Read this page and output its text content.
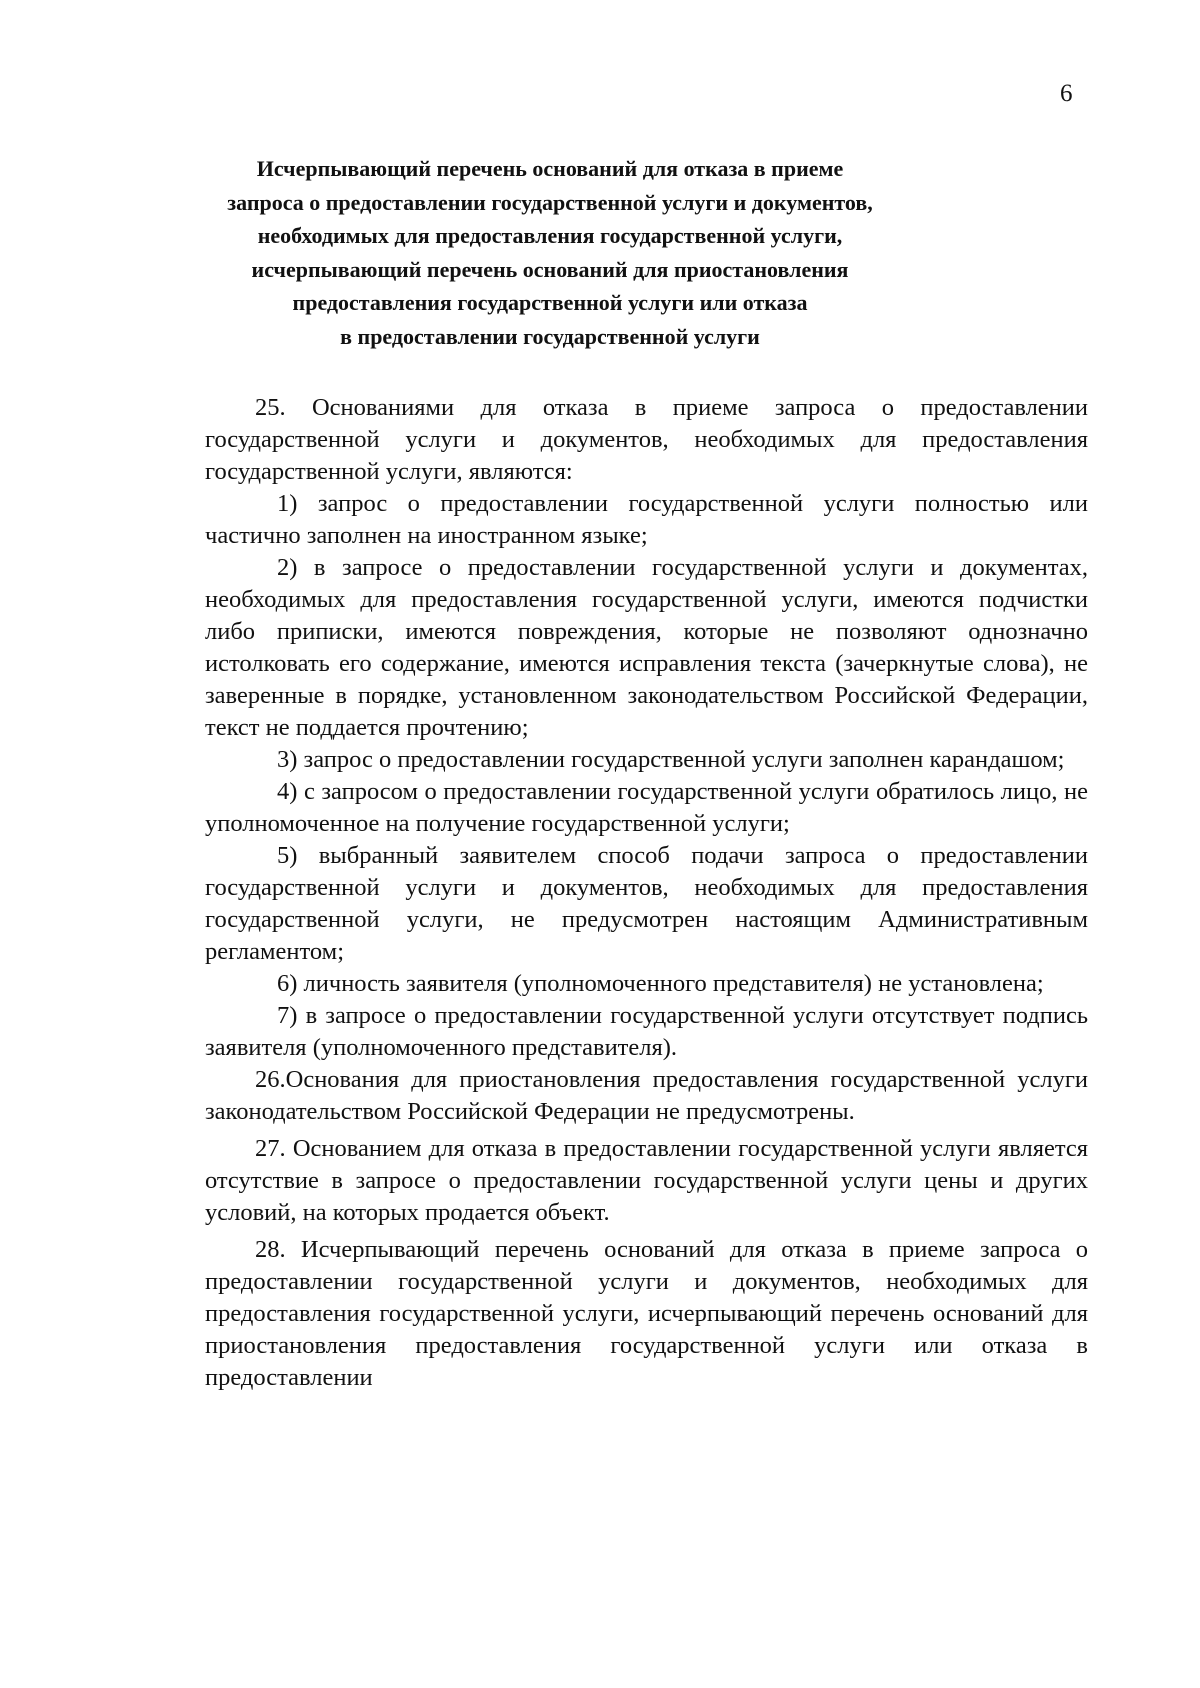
6
Исчерпывающий перечень оснований для отказа в приеме
запроса о предоставлении государственной услуги и документов,
необходимых для предоставления государственной услуги,
исчерпывающий перечень оснований для приостановления
предоставления государственной услуги или отказа
в предоставлении государственной услуги

25. Основаниями для отказа в приеме запроса о предоставлении государственной услуги и документов, необходимых для предоставления государственной услуги, являются:

1) запрос о предоставлении государственной услуги полностью или частично заполнен на иностранном языке;

2) в запросе о предоставлении государственной услуги и документах, необходимых для предоставления государственной услуги, имеются подчистки либо приписки, имеются повреждения, которые не позволяют однозначно истолковать его содержание, имеются исправления текста (зачеркнутые слова), не заверенные в порядке, установленном законодательством Российской Федерации, текст не поддается прочтению;

3) запрос о предоставлении государственной услуги заполнен карандашом;

4) с запросом о предоставлении государственной услуги обратилось лицо, не уполномоченное на получение государственной услуги;

5) выбранный заявителем способ подачи запроса о предоставлении государственной услуги и документов, необходимых для предоставления государственной услуги, не предусмотрен настоящим Административным регламентом;

6) личность заявителя (уполномоченного представителя) не установлена;

7) в запросе о предоставлении государственной услуги отсутствует подпись заявителя (уполномоченного представителя).

26.Основания для приостановления предоставления государственной услуги законодательством Российской Федерации не предусмотрены.

27. Основанием для отказа в предоставлении государственной услуги является отсутствие в запросе о предоставлении государственной услуги цены и других условий, на которых продается объект.

28. Исчерпывающий перечень оснований для отказа в приеме запроса о предоставлении государственной услуги и документов, необходимых для предоставления государственной услуги, исчерпывающий перечень оснований для приостановления предоставления государственной услуги или отказа в предоставлении
